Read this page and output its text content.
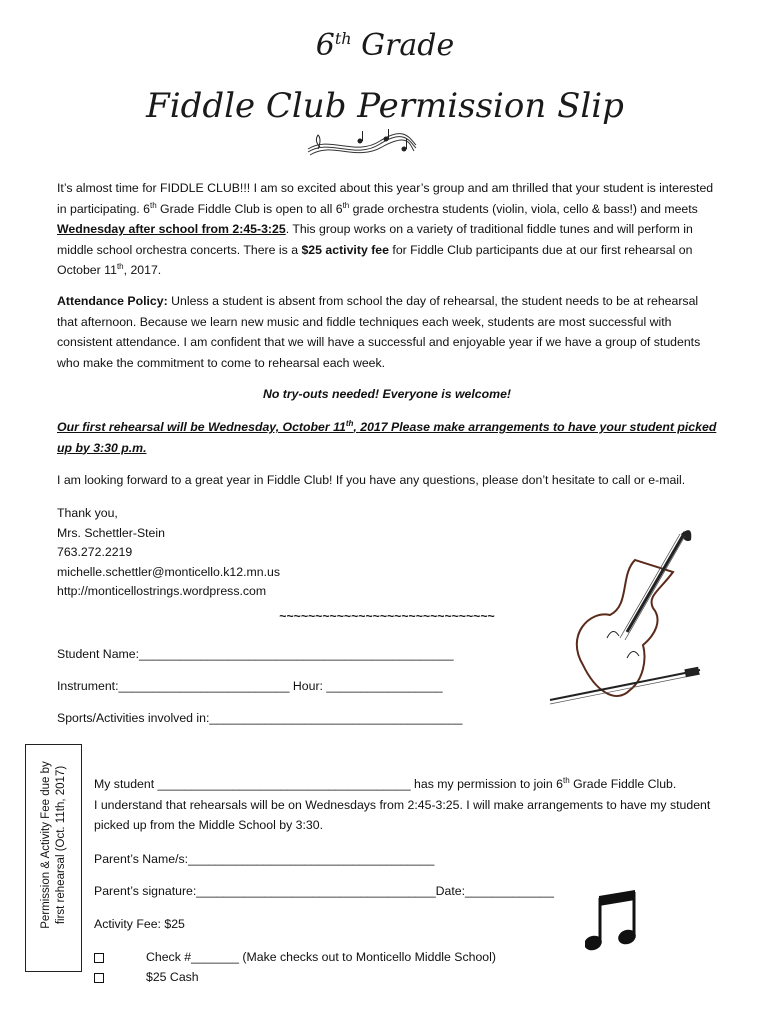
6th Grade
Fiddle Club Permission Slip

It’s almost time for FIDDLE CLUB!!! I am so excited about this year’s group and am thrilled that your student is interested in participating. 6th Grade Fiddle Club is open to all 6th grade orchestra students (violin, viola, cello & bass!) and meets Wednesday after school from 2:45-3:25. This group works on a variety of traditional fiddle tunes and will perform in middle school orchestra concerts. There is a $25 activity fee for Fiddle Club participants due at our first rehearsal on October 11th, 2017.

Attendance Policy: Unless a student is absent from school the day of rehearsal, the student needs to be at rehearsal that afternoon. Because we learn new music and fiddle techniques each week, students are most successful with consistent attendance. I am confident that we will have a successful and enjoyable year if we have a group of students who make the commitment to come to rehearsal each week.

No try-outs needed! Everyone is welcome!
Our first rehearsal will be Wednesday, October 11th, 2017 Please make arrangements to have your student picked up by 3:30 p.m.
I am looking forward to a great year in Fiddle Club! If you have any questions, please don’t hesitate to call or e-mail.
Thank you,
Mrs. Schettler-Stein
763.272.2219
michelle.schettler@monticello.k12.mn.us
http://monticellostrings.wordpress.com
~~~~~~~~~~~~~~~~~~~~~~~~~~~~~~
Student Name:______________________________________________
Instrument:_________________________ Hour: _________________
Sports/Activities involved in:_____________________________________
Permission & Activity Fee due by first rehearsal (Oct. 11th, 2017) My student _____________________________________ has my permission to join 6th Grade Fiddle Club.
I understand that rehearsals will be on Wednesdays from 2:45-3:25. I will make arrangements to have my student picked up from the Middle School by 3:30.
Parent’s Name/s:____________________________________
Parent’s signature:___________________________________Date:_____________
Activity Fee: $25
Check #_______ (Make checks out to Monticello Middle School)
$25 Cash
